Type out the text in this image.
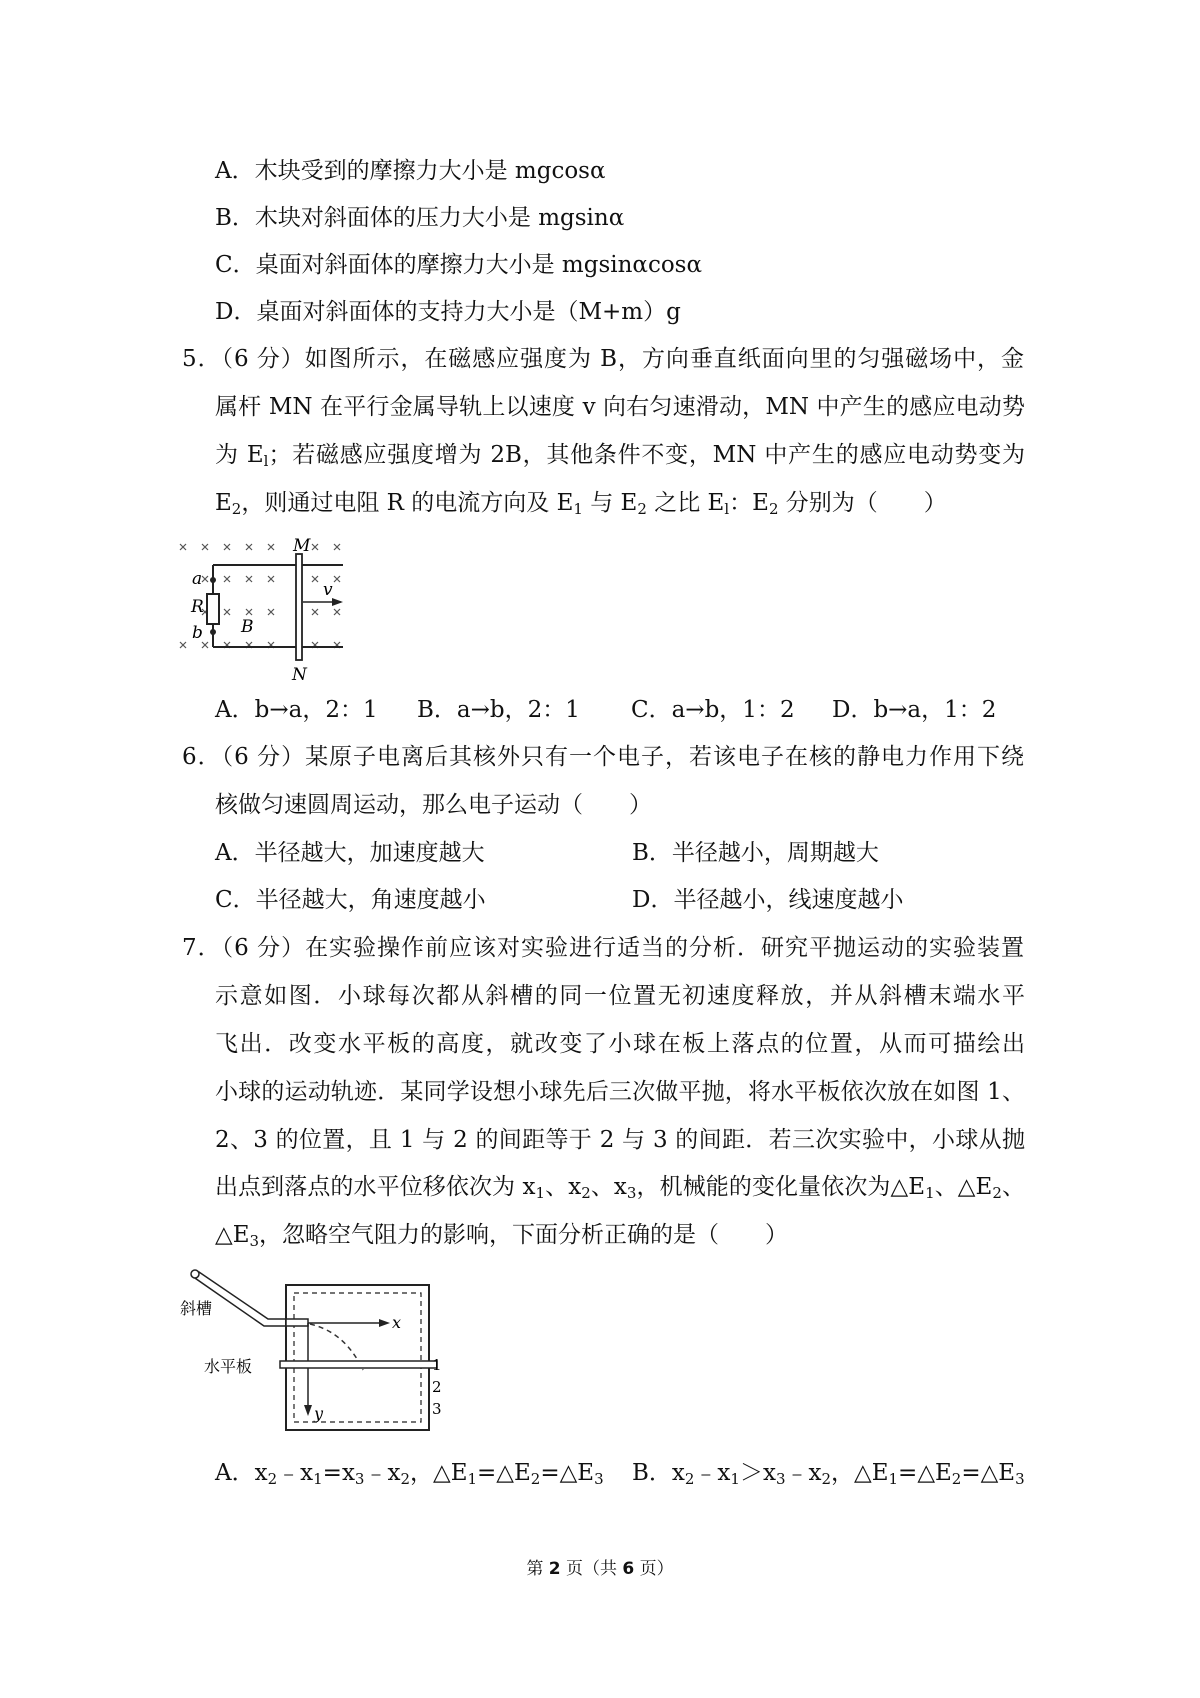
A．木块受到的摩擦力大小是 mgcosα
B．木块对斜面体的压力大小是 mgsinα
C．桌面对斜面体的摩擦力大小是 mgsinαcosα
D．桌面对斜面体的支持力大小是（M+m）g
5．（6 分）如图所示，在磁感应强度为 B，方向垂直纸面向里的匀强磁场中，金
属杆 MN 在平行金属导轨上以速度 v 向右匀速滑动，MN 中产生的感应电动势
为 $E_l$；若磁感应强度增为 2B，其他条件不变，MN 中产生的感应电动势变为
$E_2$，则通过电阻 R 的电流方向及 $E_1$ 与 $E_2$ 之比 $E_l$：$E_2$ 分别为（　　）
M
N
a
R
b B
v
A．b→a，2：1 B．a→b，2：1 C．a→b，1：2 D．b→a，1：2
6．（6 分）某原子电离后其核外只有一个电子，若该电子在核的静电力作用下绕
核做匀速圆周运动，那么电子运动（　　）
A．半径越大，加速度越大	B．半径越小，周期越大
C．半径越大，角速度越小	D．半径越小，线速度越小
7．（6 分）在实验操作前应该对实验进行适当的分析．研究平抛运动的实验装置
示意如图．小球每次都从斜槽的同一位置无初速度释放，并从斜槽末端水平
飞出．改变水平板的高度，就改变了小球在板上落点的位置，从而可描绘出
小球的运动轨迹．某同学设想小球先后三次做平抛，将水平板依次放在如图 1、
2、3 的位置，且 1 与 2 的间距等于 2 与 3 的间距．若三次实验中，小球从抛
出点到落点的水平位移依次为 $x_1$、$x_2$、$x_3$，机械能的变化量依次为$\triangle E_1$、$\triangle E_2$、
$\triangle E_3$，忽略空气阻力的影响，下面分析正确的是（　　）
斜槽
水平板
x
y
1
2
3
A．$x_2﹣x_1=x_3﹣x_2$，$\triangle E_1=\triangle E_2=\triangle E_3$ B．$x_2﹣x_1>x_3﹣x_2$，$\triangle E_1=\triangle E_2=\triangle E_3$
第 2 页（共 6 页）
